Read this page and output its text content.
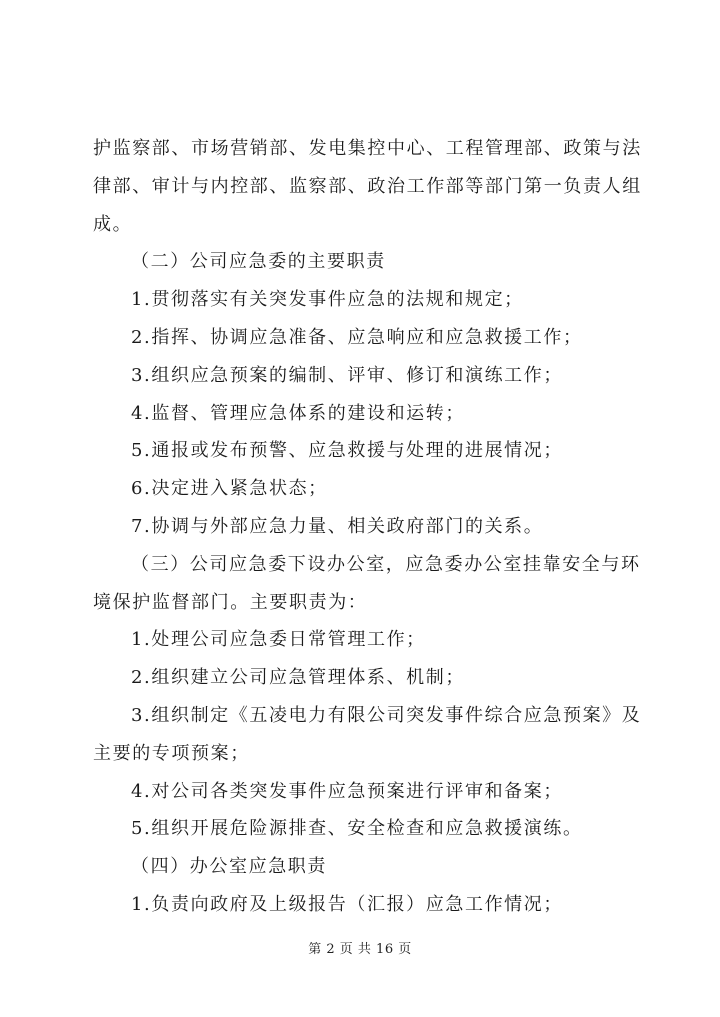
护监察部、市场营销部、发电集控中心、工程管理部、政策与法
律部、审计与内控部、监察部、政治工作部等部门第一负责人组
成。
（二）公司应急委的主要职责
1.贯彻落实有关突发事件应急的法规和规定；
2.指挥、协调应急准备、应急响应和应急救援工作；
3.组织应急预案的编制、评审、修订和演练工作；
4.监督、管理应急体系的建设和运转；
5.通报或发布预警、应急救援与处理的进展情况；
6.决定进入紧急状态；
7.协调与外部应急力量、相关政府部门的关系。
（三）公司应急委下设办公室，应急委办公室挂靠安全与环
境保护监督部门。主要职责为：
1.处理公司应急委日常管理工作；
2.组织建立公司应急管理体系、机制；
3.组织制定《五凌电力有限公司突发事件综合应急预案》及
主要的专项预案；
4.对公司各类突发事件应急预案进行评审和备案；
5.组织开展危险源排查、安全检查和应急救援演练。
（四）办公室应急职责
1.负责向政府及上级报告（汇报）应急工作情况；
第 2 页 共 16 页
